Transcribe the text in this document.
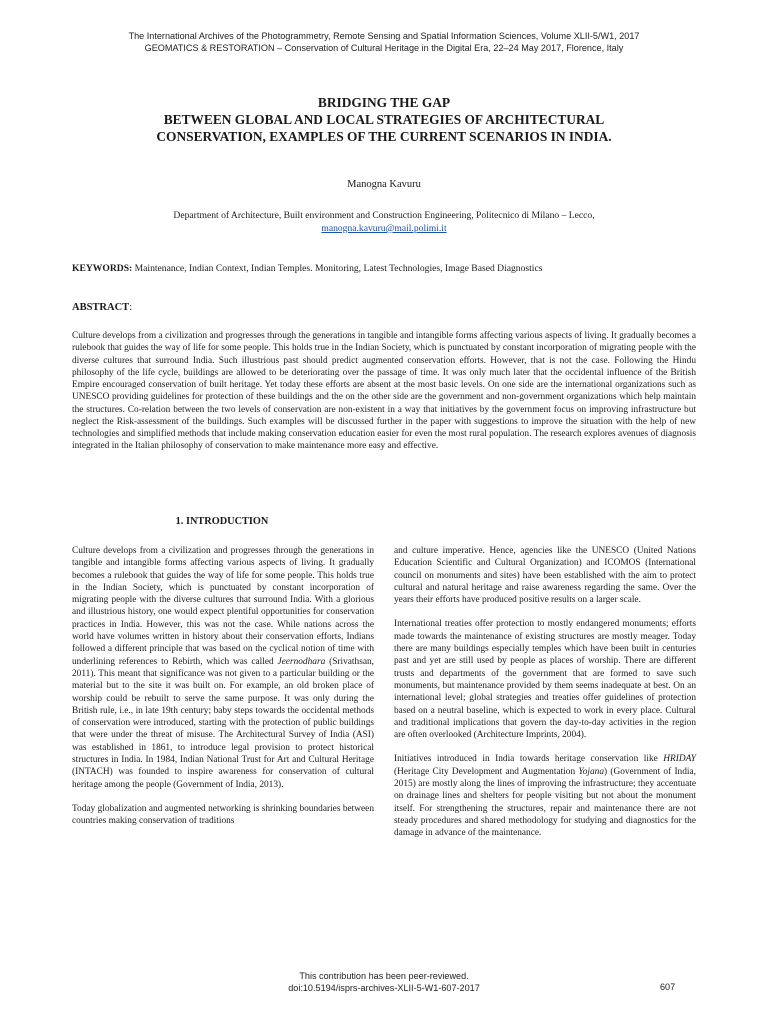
The International Archives of the Photogrammetry, Remote Sensing and Spatial Information Sciences, Volume XLII-5/W1, 2017
GEOMATICS & RESTORATION – Conservation of Cultural Heritage in the Digital Era, 22–24 May 2017, Florence, Italy
BRIDGING THE GAP
BETWEEN GLOBAL AND LOCAL STRATEGIES OF ARCHITECTURAL
CONSERVATION, EXAMPLES OF THE CURRENT SCENARIOS IN INDIA.
Manogna Kavuru
Department of Architecture, Built environment and Construction Engineering, Politecnico di Milano – Lecco,
manogna.kavuru@mail.polimi.it
KEYWORDS: Maintenance, Indian Context, Indian Temples. Monitoring, Latest Technologies, Image Based Diagnostics
ABSTRACT:

Culture develops from a civilization and progresses through the generations in tangible and intangible forms affecting various aspects of living. It gradually becomes a rulebook that guides the way of life for some people. This holds true in the Indian Society, which is punctuated by constant incorporation of migrating people with the diverse cultures that surround India. Such illustrious past should predict augmented conservation efforts. However, that is not the case. Following the Hindu philosophy of the life cycle, buildings are allowed to be deteriorating over the passage of time. It was only much later that the occidental influence of the British Empire encouraged conservation of built heritage. Yet today these efforts are absent at the most basic levels. On one side are the international organizations such as UNESCO providing guidelines for protection of these buildings and the on the other side are the government and non-government organizations which help maintain the structures. Co-relation between the two levels of conservation are non-existent in a way that initiatives by the government focus on improving infrastructure but neglect the Risk-assessment of the buildings. Such examples will be discussed further in the paper with suggestions to improve the situation with the help of new technologies and simplified methods that include making conservation education easier for even the most rural population. The research explores avenues of diagnosis integrated in the Italian philosophy of conservation to make maintenance more easy and effective.

1. INTRODUCTION

Culture develops from a civilization and progresses through the generations in tangible and intangible forms affecting various aspects of living. It gradually becomes a rulebook that guides the way of life for some people. This holds true in the Indian Society, which is punctuated by constant incorporation of migrating people with the diverse cultures that surround India. With a glorious and illustrious history, one would expect plentiful opportunities for conservation practices in India. However, this was not the case. While nations across the world have volumes written in history about their conservation efforts, Indians followed a different principle that was based on the cyclical notion of time with underlining references to Rebirth, which was called Jeernodhara (Srivathsan, 2011). This meant that significance was not given to a particular building or the material but to the site it was built on. For example, an old broken place of worship could be rebuilt to serve the same purpose. It was only during the British rule, i.e., in late 19th century; baby steps towards the occidental methods of conservation were introduced, starting with the protection of public buildings that were under the threat of misuse. The Architectural Survey of India (ASI) was established in 1861, to introduce legal provision to protect historical structures in India. In 1984, Indian National Trust for Art and Cultural Heritage (INTACH) was founded to inspire awareness for conservation of cultural heritage among the people (Government of India, 2013).

Today globalization and augmented networking is shrinking boundaries between countries making conservation of traditions

and culture imperative. Hence, agencies like the UNESCO (United Nations Education Scientific and Cultural Organization) and ICOMOS (International council on monuments and sites) have been established with the aim to protect cultural and natural heritage and raise awareness regarding the same. Over the years their efforts have produced positive results on a larger scale.

International treaties offer protection to mostly endangered monuments; efforts made towards the maintenance of existing structures are mostly meager. Today there are many buildings especially temples which have been built in centuries past and yet are still used by people as places of worship. There are different trusts and departments of the government that are formed to save such monuments, but maintenance provided by them seems inadequate at best. On an international level; global strategies and treaties offer guidelines of protection based on a neutral baseline, which is expected to work in every place. Cultural and traditional implications that govern the day-to-day activities in the region are often overlooked (Architecture Imprints, 2004).

Initiatives introduced in India towards heritage conservation like HRIDAY (Heritage City Development and Augmentation Yojana) (Government of India, 2015) are mostly along the lines of improving the infrastructure; they accentuate on drainage lines and shelters for people visiting but not about the monument itself. For strengthening the structures, repair and maintenance there are not steady procedures and shared methodology for studying and diagnostics for the damage in advance of the maintenance.

This contribution has been peer-reviewed.
doi:10.5194/isprs-archives-XLII-5-W1-607-2017	607
